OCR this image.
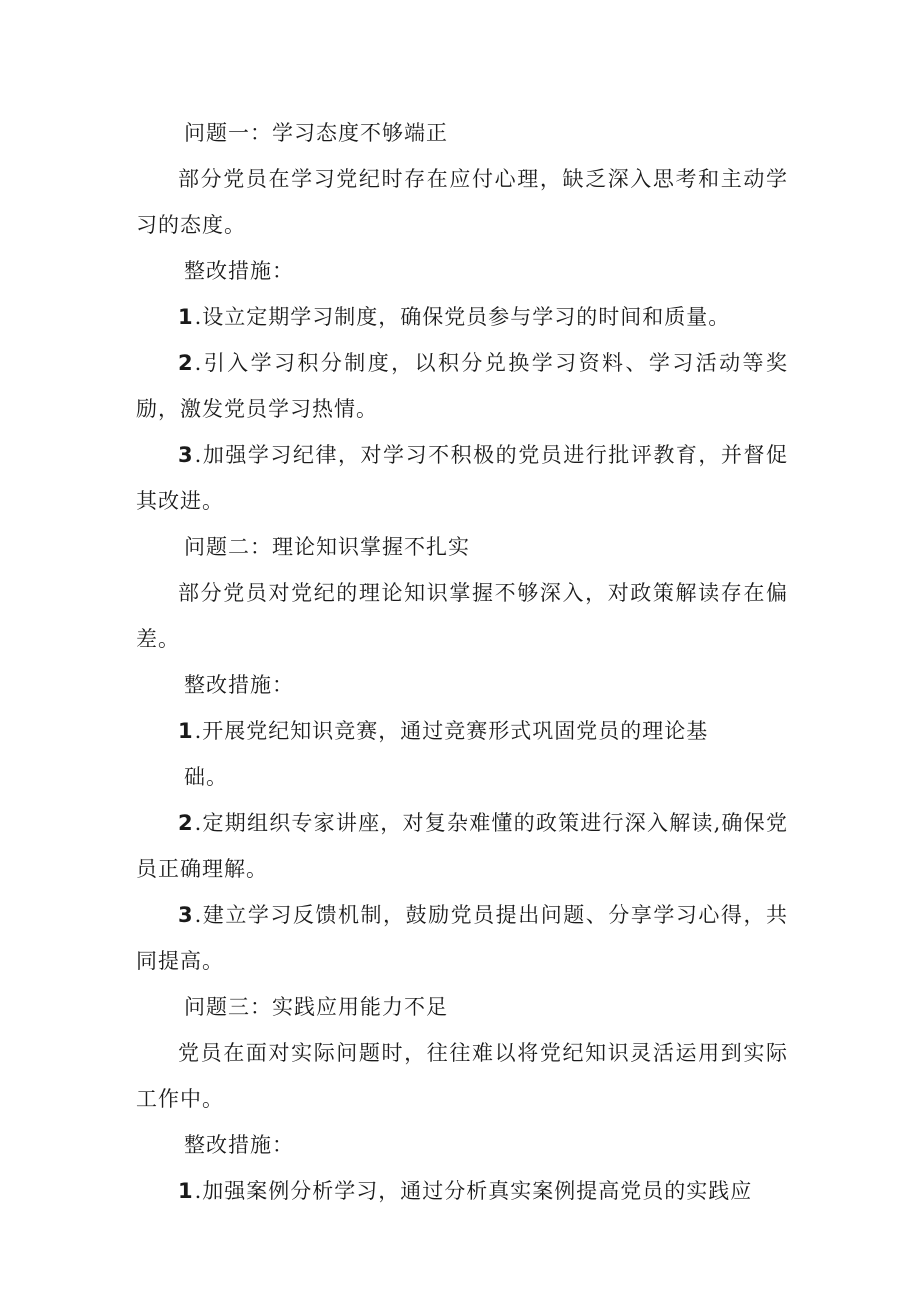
问题一：学习态度不够端正

部分党员在学习党纪时存在应付心理，缺乏深入思考和主动学习的态度。

整改措施：

1.设立定期学习制度，确保党员参与学习的时间和质量。

2.引入学习积分制度，以积分兑换学习资料、学习活动等奖励，激发党员学习热情。

3.加强学习纪律，对学习不积极的党员进行批评教育，并督促其改进。

问题二：理论知识掌握不扎实

部分党员对党纪的理论知识掌握不够深入，对政策解读存在偏差。

整改措施：

1.开展党纪知识竞赛，通过竞赛形式巩固党员的理论基
础。

2.定期组织专家讲座，对复杂难懂的政策进行深入解读,确保党员正确理解。

3.建立学习反馈机制，鼓励党员提出问题、分享学习心得，共同提高。

问题三：实践应用能力不足

党员在面对实际问题时，往往难以将党纪知识灵活运用到实际工作中。

整改措施：

1.加强案例分析学习，通过分析真实案例提高党员的实践应
